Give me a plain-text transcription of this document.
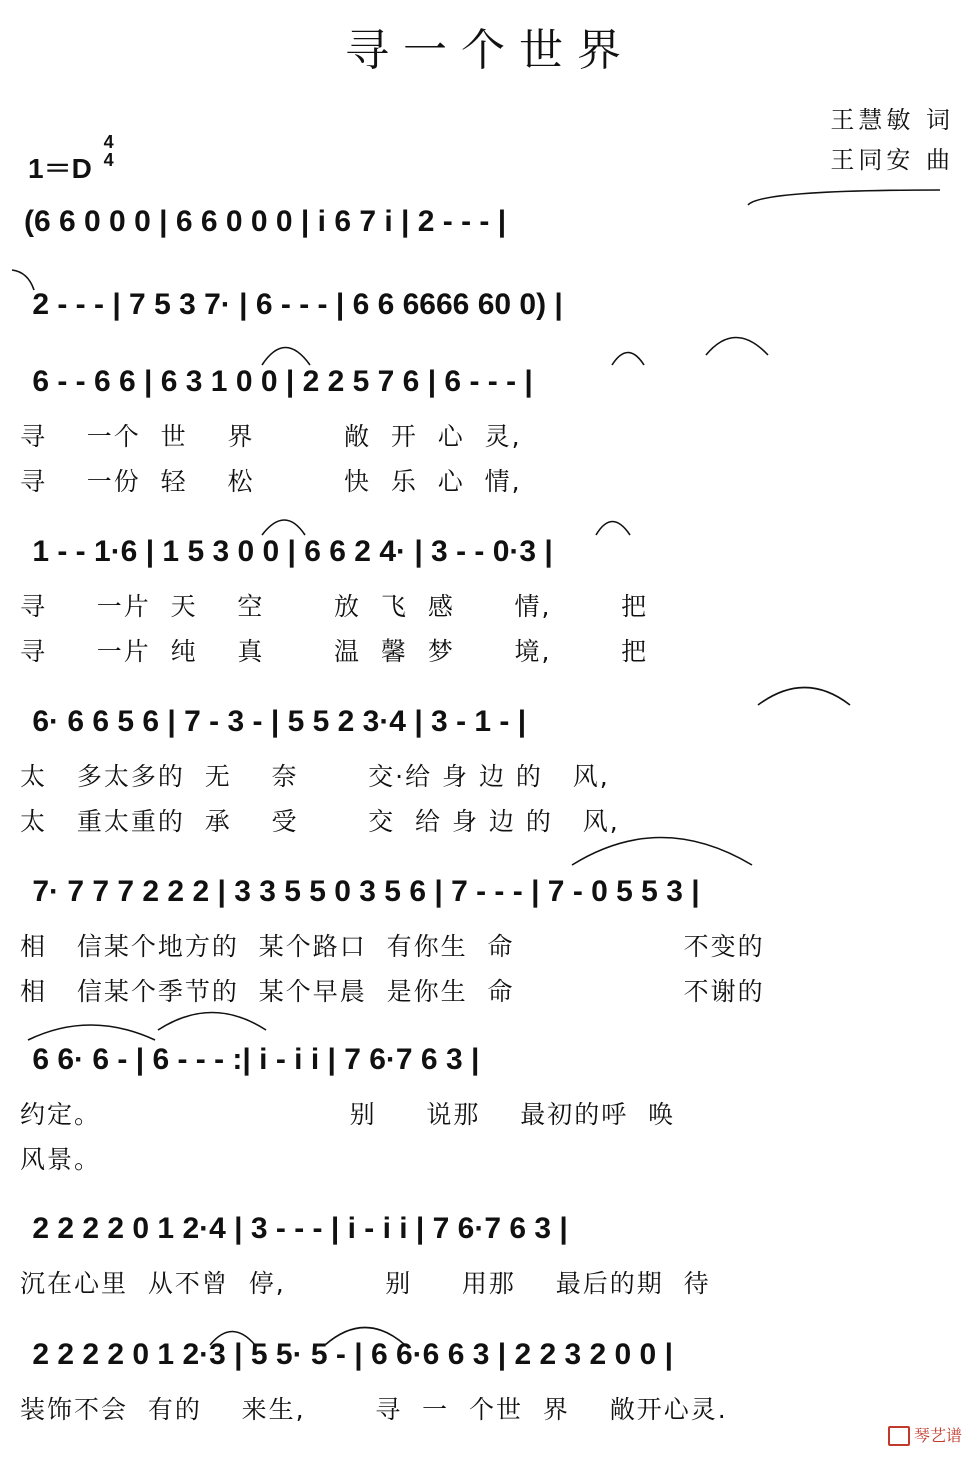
寻一个世界
王慧敏 词
王同安 曲
1＝D
4
4
(6 6 0 0 0 | 6 6 0 0 0 | i 6 7 i | 2 - - - |
2 - - - | 7 5 3 7· | 6 - - - | 6 6 6666 60 0) |
6 - - 6 6 | 6 3 1 0 0 | 2 2 5 7 6 | 6 - - - |
寻    一个  世    界         敞  开  心  灵,
寻    一份  轻    松         快  乐  心  情,
1 - - 1·6 | 1 5 3 0 0 | 6 6 2 4· | 3 - - 0·3 |
寻     一片  天    空       放  飞  感      情,       把
寻     一片  纯    真       温  馨  梦      境,       把
6· 6 6 5 6 | 7 - 3 - | 5 5 2 3·4 | 3 - 1 - |
太   多太多的  无    奈       交·给 身 边 的   风,
太   重太重的  承    受       交  给 身 边 的   风,
7· 7 7 7 2 2 2 | 3 3 5 5 0 3 5 6 | 7 - - - | 7 - 0 5 5 3 |
相   信某个地方的  某个路口  有你生  命                 不变的
相   信某个季节的  某个早晨  是你生  命                 不谢的
6 6· 6 - | 6 - - - :| i - i i | 7 6·7 6 3 |
约定。                         别     说那    最初的呼  唤
风景。
2 2 2 2 0 1 2·4 | 3 - - - | i - i i | 7 6·7 6 3 |
沉在心里  从不曾  停,          别     用那    最后的期  待
2 2 2 2 0 1 2·3 | 5 5· 5 - | 6 6·6 6 3 | 2 2 3 2 0 0 |
装饰不会  有的    来生,       寻  一  个世  界    敞开心灵.
琴艺谱
